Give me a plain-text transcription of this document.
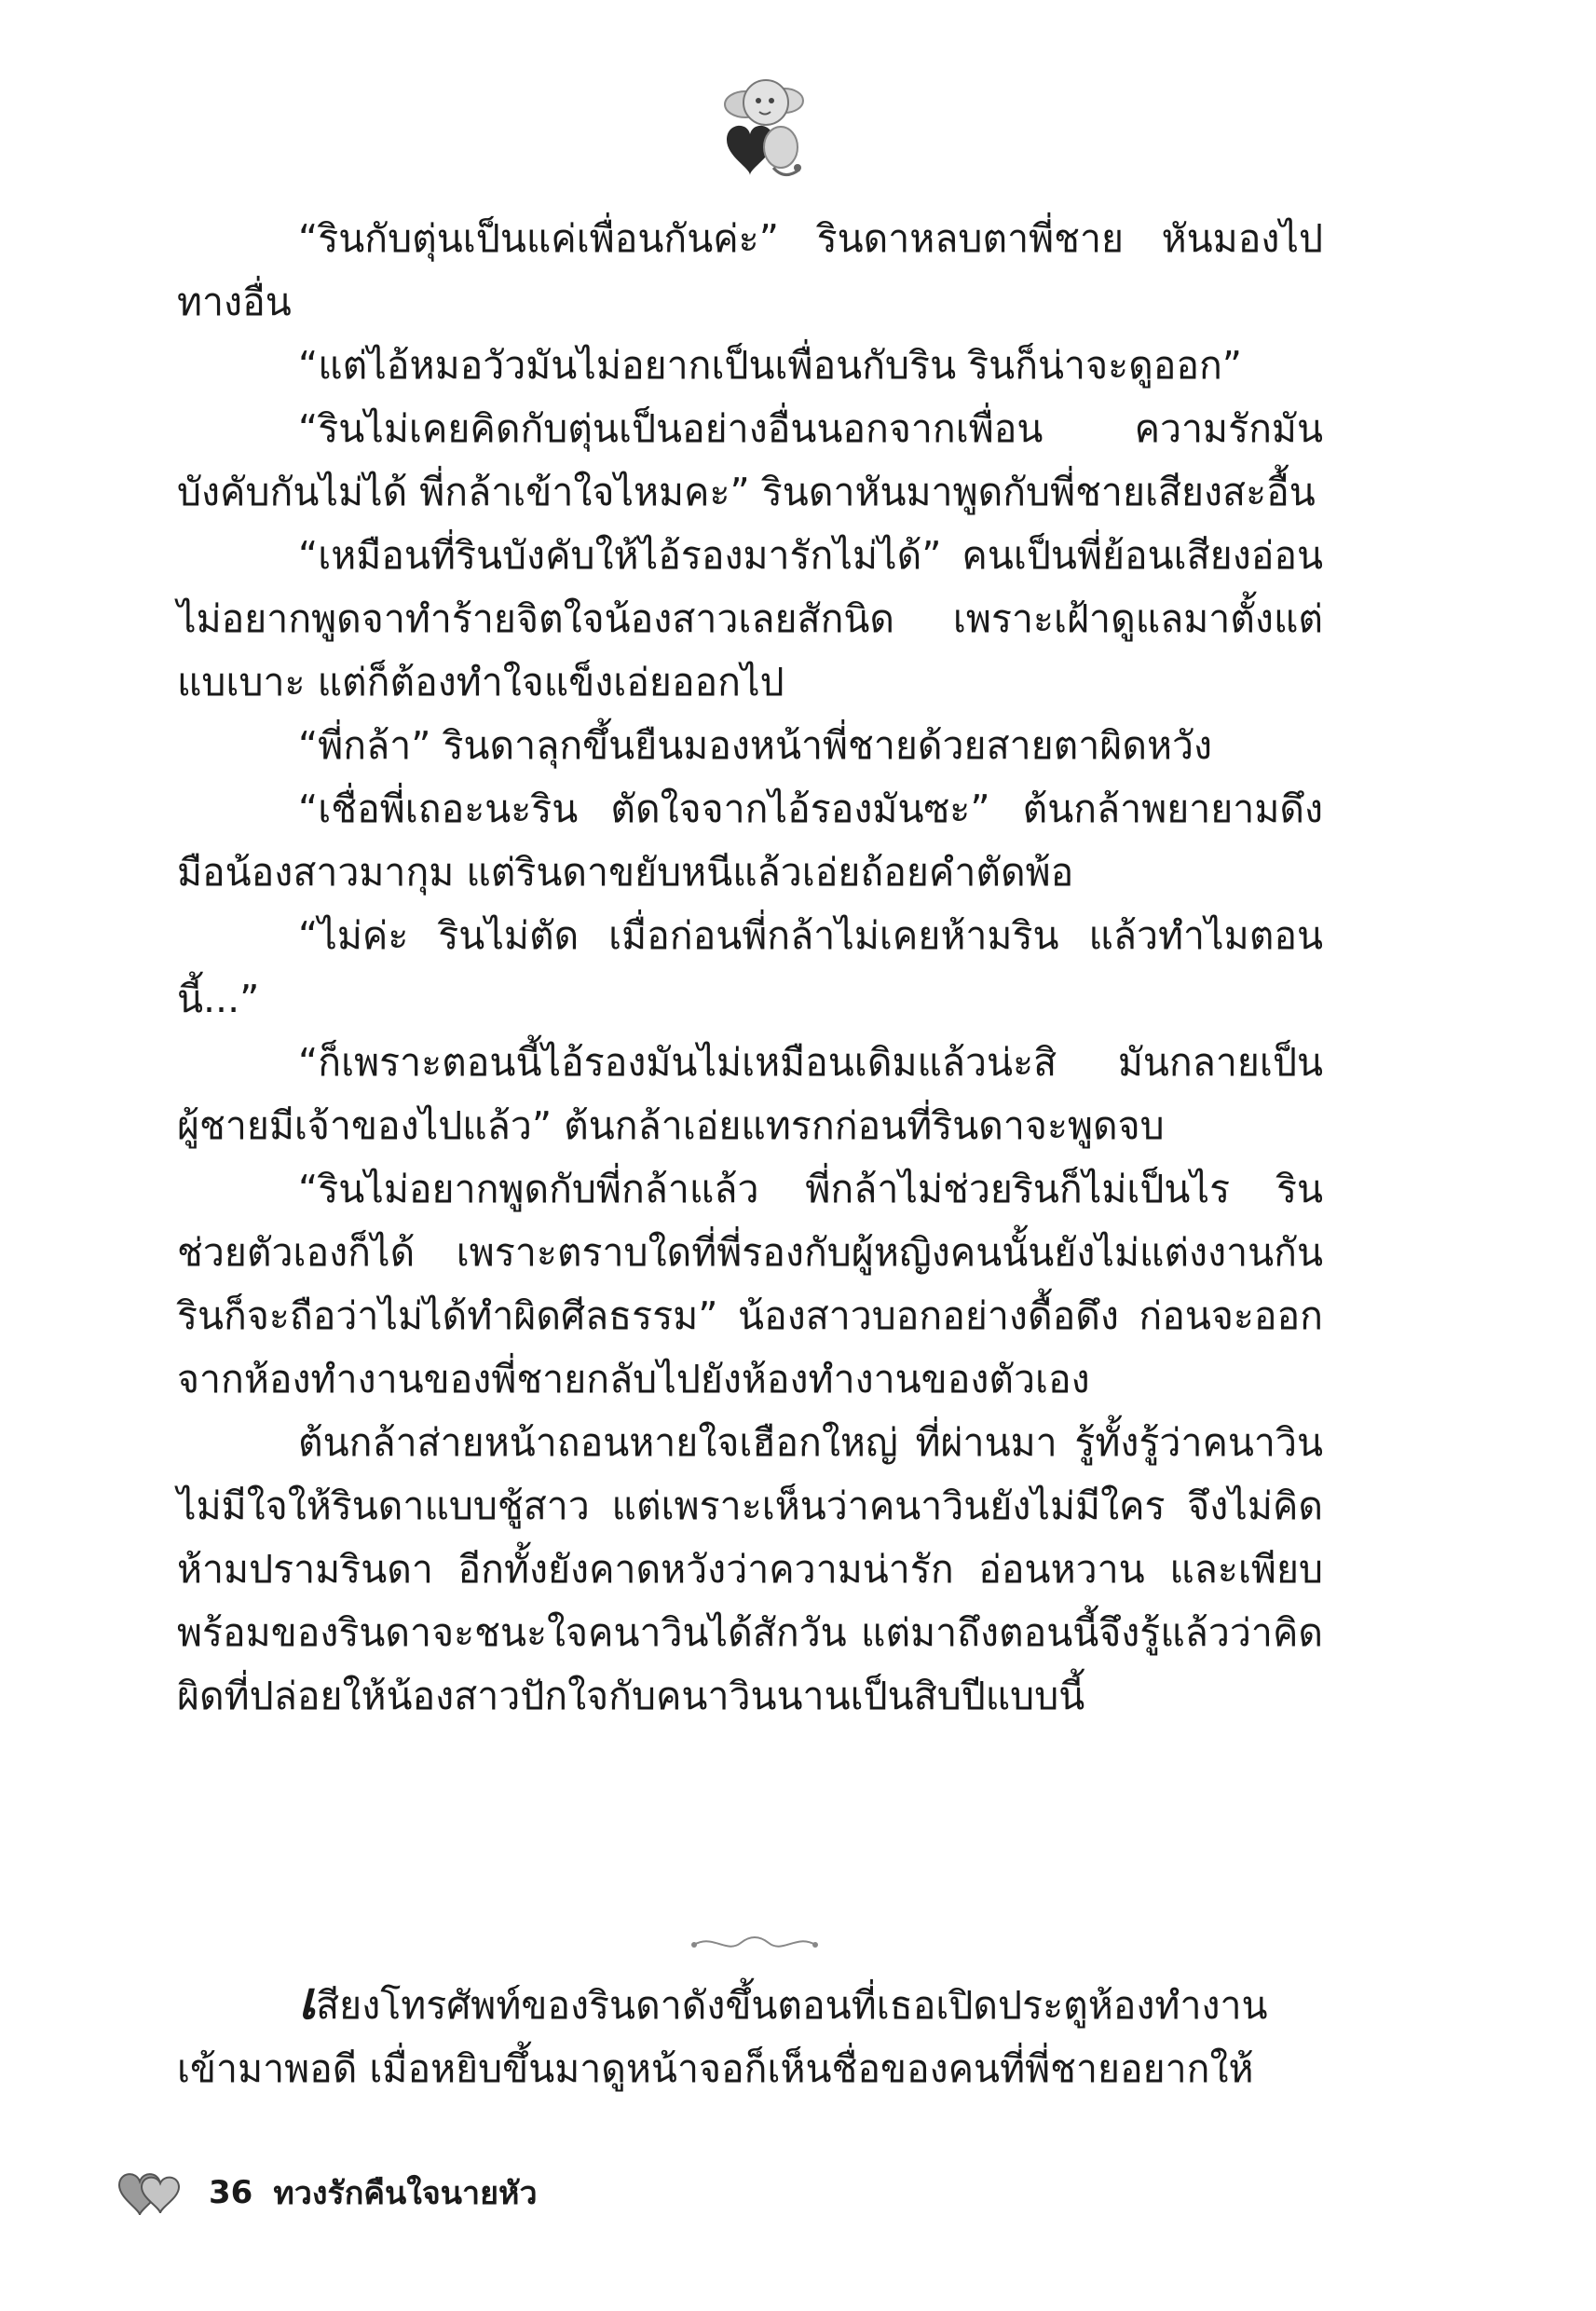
“รินกับตุ่นเป็นแค่เพื่อนกันค่ะ” รินดาหลบตาพี่ชาย หันมองไปทางอื่น

“แต่ไอ้หมอวัวมันไม่อยากเป็นเพื่อนกับริน รินก็น่าจะดูออก”

“รินไม่เคยคิดกับตุ่นเป็นอย่างอื่นนอกจากเพื่อน ความรักมันบังคับกันไม่ได้ พี่กล้าเข้าใจไหมคะ” รินดาหันมาพูดกับพี่ชายเสียงสะอื้น

“เหมือนที่รินบังคับให้ไอ้รองมารักไม่ได้” คนเป็นพี่ย้อนเสียงอ่อน ไม่อยากพูดจาทำร้ายจิตใจน้องสาวเลยสักนิด เพราะเฝ้าดูแลมาตั้งแต่แบเบาะ แต่ก็ต้องทำใจแข็งเอ่ยออกไป

“พี่กล้า” รินดาลุกขึ้นยืนมองหน้าพี่ชายด้วยสายตาผิดหวัง

“เชื่อพี่เถอะนะริน ตัดใจจากไอ้รองมันซะ” ต้นกล้าพยายามดึงมือน้องสาวมากุม แต่รินดาขยับหนีแล้วเอ่ยถ้อยคำตัดพ้อ

“ไม่ค่ะ รินไม่ตัด เมื่อก่อนพี่กล้าไม่เคยห้ามริน แล้วทำไมตอนนี้...”

“ก็เพราะตอนนี้ไอ้รองมันไม่เหมือนเดิมแล้วน่ะสิ มันกลายเป็นผู้ชายมีเจ้าของไปแล้ว” ต้นกล้าเอ่ยแทรกก่อนที่รินดาจะพูดจบ

“รินไม่อยากพูดกับพี่กล้าแล้ว พี่กล้าไม่ช่วยรินก็ไม่เป็นไร รินช่วยตัวเองก็ได้ เพราะตราบใดที่พี่รองกับผู้หญิงคนนั้นยังไม่แต่งงานกัน รินก็จะถือว่าไม่ได้ทำผิดศีลธรรม” น้องสาวบอกอย่างดื้อดึง ก่อนจะออกจากห้องทำงานของพี่ชายกลับไปยังห้องทำงานของตัวเอง

ต้นกล้าส่ายหน้าถอนหายใจเฮือกใหญ่ ที่ผ่านมา รู้ทั้งรู้ว่าคนาวินไม่มีใจให้รินดาแบบชู้สาว แต่เพราะเห็นว่าคนาวินยังไม่มีใคร จึงไม่คิดห้ามปรามรินดา อีกทั้งยังคาดหวังว่าความน่ารัก อ่อนหวาน และเพียบพร้อมของรินดาจะชนะใจคนาวินได้สักวัน แต่มาถึงตอนนี้จึงรู้แล้วว่าคิดผิดที่ปล่อยให้น้องสาวปักใจกับคนาวินนานเป็นสิบปีแบบนี้

เสียงโทรศัพท์ของรินดาดังขึ้นตอนที่เธอเปิดประตูห้องทำงานเข้ามาพอดี เมื่อหยิบขึ้นมาดูหน้าจอก็เห็นชื่อของคนที่พี่ชายอยากให้

36 ทวงรักคืนใจนายหัว
